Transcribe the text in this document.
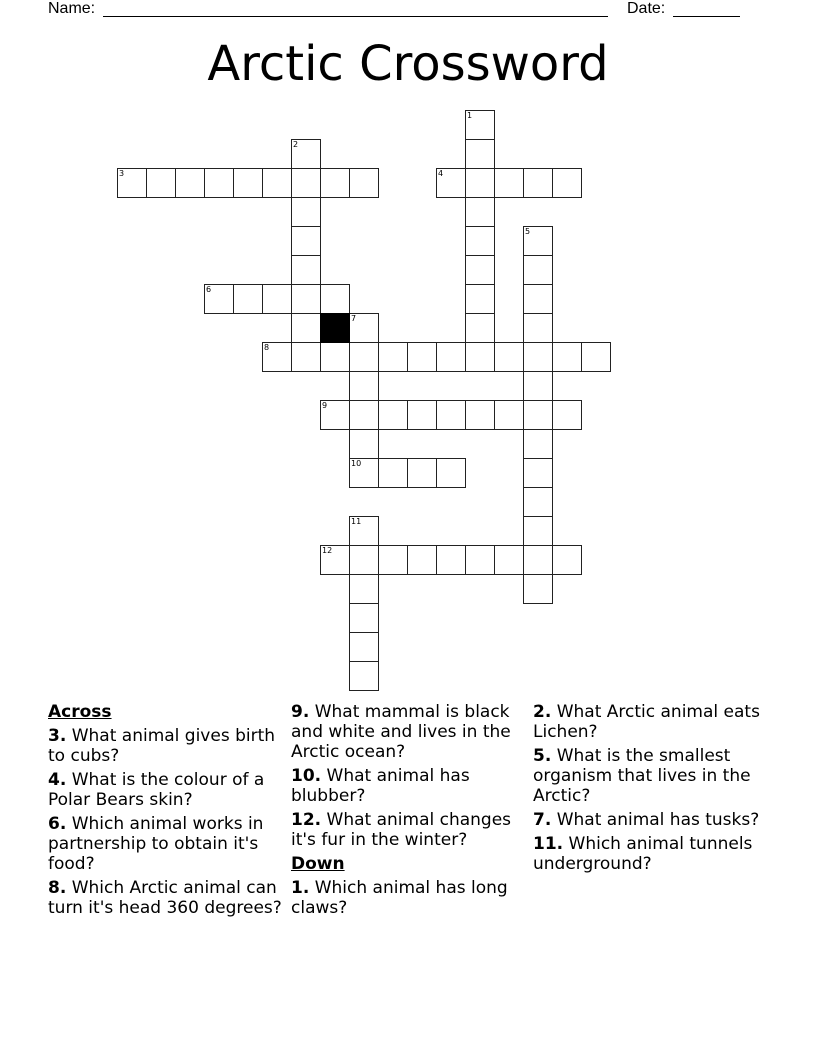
Name:	Date:
Arctic Crossword
1
2
3	4
5
6
7
10
8
9
11
12
Across
3. What animal gives birth to cubs?
4. What is the colour of a Polar Bears skin?
6. Which animal works in partnership to obtain it's food?
8. Which Arctic animal can turn it's head 360 degrees?
9. What mammal is black and white and lives in the Arctic ocean?
10. What animal has blubber?
12. What animal changes it's fur in the winter?
Down
1. Which animal has long claws?
2. What Arctic animal eats Lichen?
5. What is the smallest organism that lives in the Arctic?
7. What animal has tusks?
11. Which animal tunnels underground?
